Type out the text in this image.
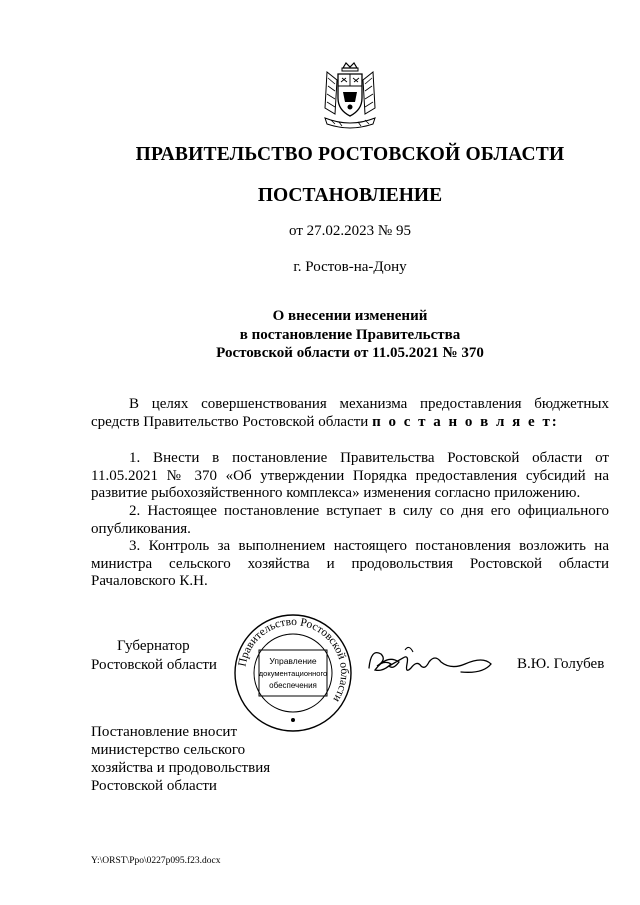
ПРАВИТЕЛЬСТВО РОСТОВСКОЙ ОБЛАСТИ
ПОСТАНОВЛЕНИЕ
от 27.02.2023 № 95
г. Ростов-на-Дону
О внесении изменений
в постановление Правительства
Ростовской области от 11.05.2021 № 370
В целях совершенствования механизма предоставления бюджетных средств Правительство Ростовской области п о с т а н о в л я е т:
1. Внести в постановление Правительства Ростовской области от 11.05.2021 № 370 «Об утверждении Порядка предоставления субсидий на развитие рыбохозяйственного комплекса» изменения согласно приложению.
2. Настоящее постановление вступает в силу со дня его официального опубликования.
3. Контроль за выполнением настоящего постановления возложить на министра сельского хозяйства и продовольствия Ростовской области Рачаловского К.Н.
Губернатор
Ростовской области Правительство Ростовской области
Управление
документационного
обеспечения
В.Ю. Голубев
Постановление вносит
министерство сельского
хозяйства и продовольствия
Ростовской области
Y:\ORST\Ppo\0227p095.f23.docx
